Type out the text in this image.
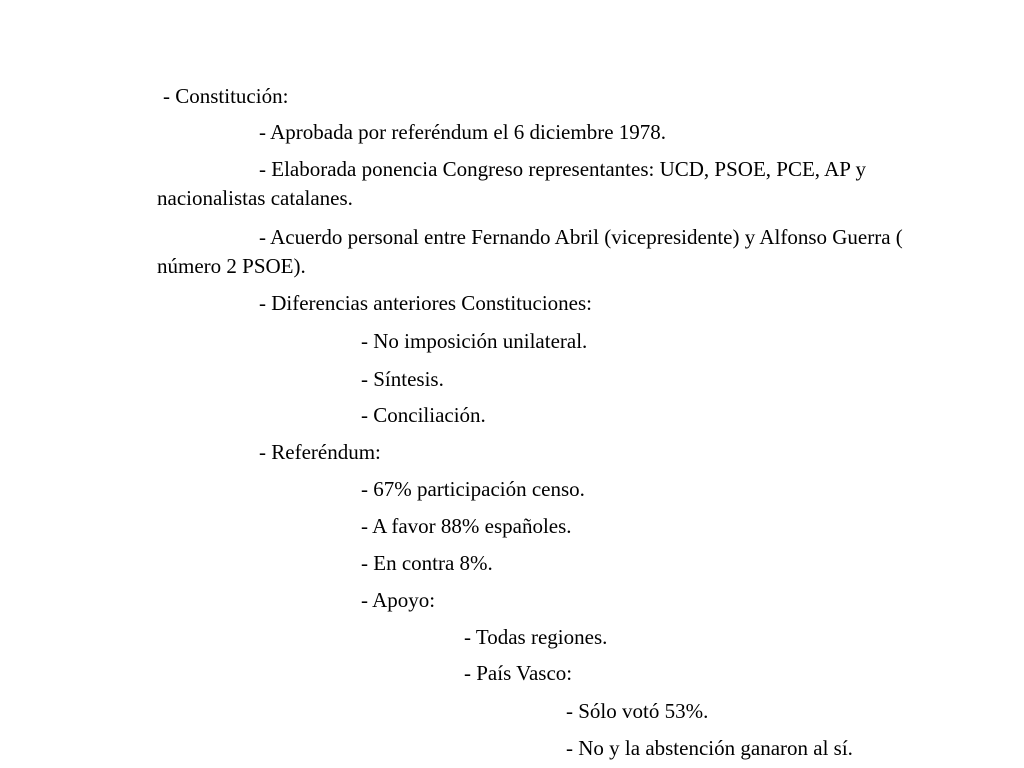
- Constitución:
- Aprobada por referéndum el 6 diciembre 1978.
- Elaborada ponencia Congreso representantes: UCD, PSOE, PCE, AP y nacionalistas catalanes.
- Acuerdo personal entre Fernando Abril (vicepresidente) y Alfonso Guerra ( número 2 PSOE).
- Diferencias anteriores Constituciones:
- No imposición unilateral.
- Síntesis.
- Conciliación.
- Referéndum:
- 67% participación censo.
- A favor 88% españoles.
- En contra 8%.
- Apoyo:
- Todas regiones.
- País Vasco:
- Sólo votó 53%.
- No y la abstención ganaron al sí.
